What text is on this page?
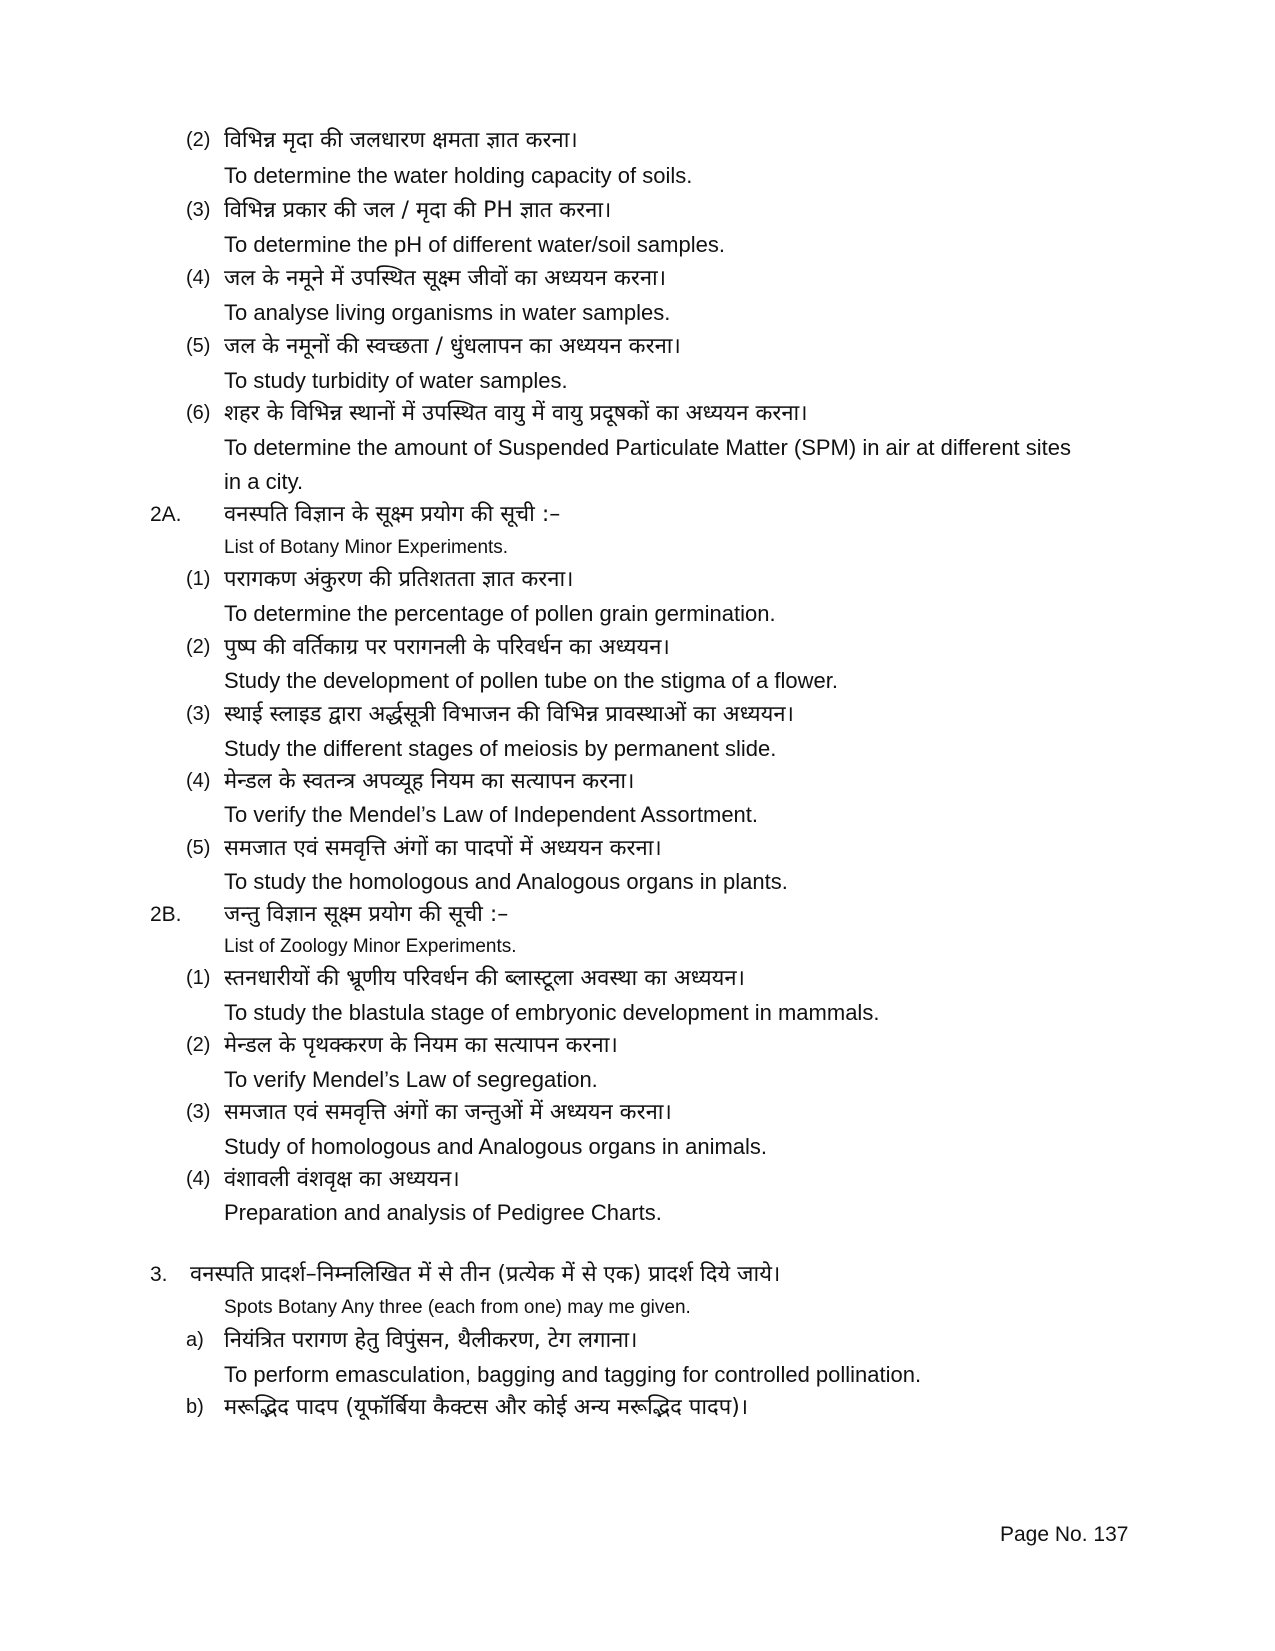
(2) विभिन्न मृदा की जलधारण क्षमता ज्ञात करना।
To determine the water holding capacity of soils.
(3) विभिन्न प्रकार की जल / मृदा की PH ज्ञात करना।
To determine the pH of different water/soil samples.
(4) जल के नमूने में उपस्थित सूक्ष्म जीवों का अध्ययन करना।
To analyse living organisms in water samples.
(5) जल के नमूनों की स्वच्छता / धुंधलापन का अध्ययन करना।
To study turbidity of water samples.
(6) शहर के विभिन्न स्थानों में उपस्थित वायु में वायु प्रदूषकों का अध्ययन करना।
To determine the amount of Suspended Particulate Matter (SPM) in air at different sites
in a city.
2A. वनस्पति विज्ञान के सूक्ष्म प्रयोग की सूची :–
List of Botany Minor Experiments.
(1) परागकण अंकुरण की प्रतिशतता ज्ञात करना।
To determine the percentage of pollen grain germination.
(2) पुष्प की वर्तिकाग्र पर परागनली के परिवर्धन का अध्ययन।
Study the development of pollen tube on the stigma of a flower.
(3) स्थाई स्लाइड द्वारा अर्द्धसूत्री विभाजन की विभिन्न प्रावस्थाओं का अध्ययन।
Study the different stages of meiosis by permanent slide.
(4) मेन्डल के स्वतन्त्र अपव्यूह नियम का सत्यापन करना।
To verify the Mendel’s Law of Independent Assortment.
(5) समजात एवं समवृत्ति अंगों का पादपों में अध्ययन करना।
To study the homologous and Analogous organs in plants.
2B. जन्तु विज्ञान सूक्ष्म प्रयोग की सूची :–
List of Zoology Minor Experiments.
(1) स्तनधारीयों की भ्रूणीय परिवर्धन की ब्लास्टूला अवस्था का अध्ययन।
To study the blastula stage of embryonic development in mammals.
(2) मेन्डल के पृथक्करण के नियम का सत्यापन करना।
To verify Mendel’s Law of segregation.
(3) समजात एवं समवृत्ति अंगों का जन्तुओं में अध्ययन करना।
Study of homologous and Analogous organs in animals.
(4) वंशावली वंशवृक्ष का अध्ययन।
Preparation and analysis of Pedigree Charts.
3. वनस्पति प्रादर्श–निम्नलिखित में से तीन (प्रत्येक में से एक) प्रादर्श दिये जाये।
Spots Botany Any three (each from one) may me given.
a) नियंत्रित परागण हेतु विपुंसन, थैलीकरण, टेग लगाना।
To perform emasculation, bagging and tagging for controlled pollination.
b) मरूद्भिद पादप (यूफॉर्बिया कैक्टस और कोई अन्य मरूद्भिद पादप)।
Page No. 137
